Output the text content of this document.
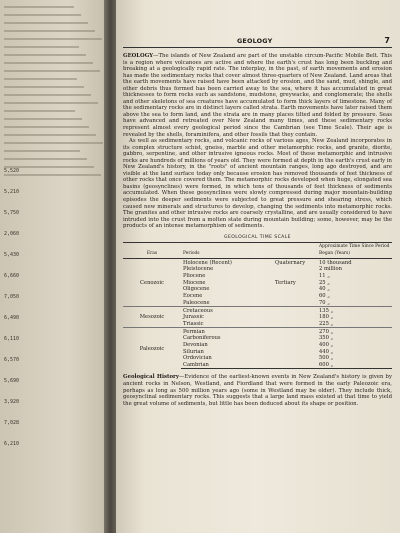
5,520
5,210
5,750
2,060
5,430
6,660
7,050
6,490
6,110
6,570
5,690
3,920
7,028
6,210
GEOLOGY	7

GEOLOGY—The islands of New Zealand are part of the unstable circum-Pacific Mobile Belt. This is a region where volcanoes are active and where the earth's crust has long been buckling and breaking at a geologically rapid rate. The interplay, in the past, of earth movements and erosion has made the sedimentary rocks that cover almost three-quarters of New Zealand. Land areas that the earth movements have raised have been attacked by erosion, and the sand, mud, shingle, and other debris thus formed has been carried away to the sea, where it has accumulated in great thicknesses to form rocks such as sandstone, mudstone, greywacke, and conglomerate; the shells and other skeletons of sea creatures have accumulated to form thick layers of limestone. Many of the sedimentary rocks are in distinct layers called strata. Earth movements have later raised them above the sea to form land, and the strata are in many places tilted and folded by pressure. Seas have advanced and retreated over New Zealand many times, and these sedimentary rocks represent almost every geological period since the Cambrian (see Time Scale). Their age is revealed by the shells, foraminifera, and other fossils that they contain.

As well as sedimentary rocks, and volcanic rocks of various ages, New Zealand incorporates in its complex structure schist, gneiss, marble and other metamorphic rocks, and granite, diorite, gabbro, serpentine, and other intrusive igneous rocks. Most of these metamorphic and intrusive rocks are hundreds of millions of years old. They were formed at depth in the earth's crust early in New Zealand's history, in the "roots" of ancient mountain ranges, long ago destroyed, and are visible at the land surface today only because erosion has removed thousands of feet thickness of other rocks that once covered them. The metamorphic rocks developed when huge, elongated sea basins (geosynclines) were formed, in which tens of thousands of feet thickness of sediments accumulated. When these geosynclines were slowly compressed during major mountain-building episodes the deeper sediments were subjected to great pressure and shearing stress, which caused new minerals and structures to develop, changing the sediments into metamorphic rocks. The granites and other intrusive rocks are coarsely crystalline, and are usually considered to have intruded into the crust from a molten state during mountain building; some, however, may be the products of an intense metamorphism of sediments.

GEOLOGICAL TIME SCALE
Eras	Periods		Approximate Time Since Period Began (Years)
Cenozoic	Holocene (Recent)	Quaternary	10 thousand
	Pleistocene		2 million
	Pliocene		11 „
	Miocene	Tertiary	25 „
	Oligocene		40 „
	Eocene		60 „
	Paleocene		70 „
Mesozoic	Cretaceous		135 „
	Jurassic		180 „
	Triassic		225 „
Paleozoic	Permian		270 „
	Carboniferous		350 „
	Devonian		400 „
	Silurian		440 „
	Ordovician		500 „
	Cambrian		600 „

Geological History—Evidence of the earliest-known events in New Zealand's history is given by ancient rocks in Nelson, Westland, and Fiordland that were formed in the early Paleozoic era, perhaps as long as 500 million years ago (some in Westland may be older). They include thick, geosynclinal sedimentary rocks. This suggests that a large land mass existed at that time to yield the great volume of sediments, but little has been deduced about its shape or position.
